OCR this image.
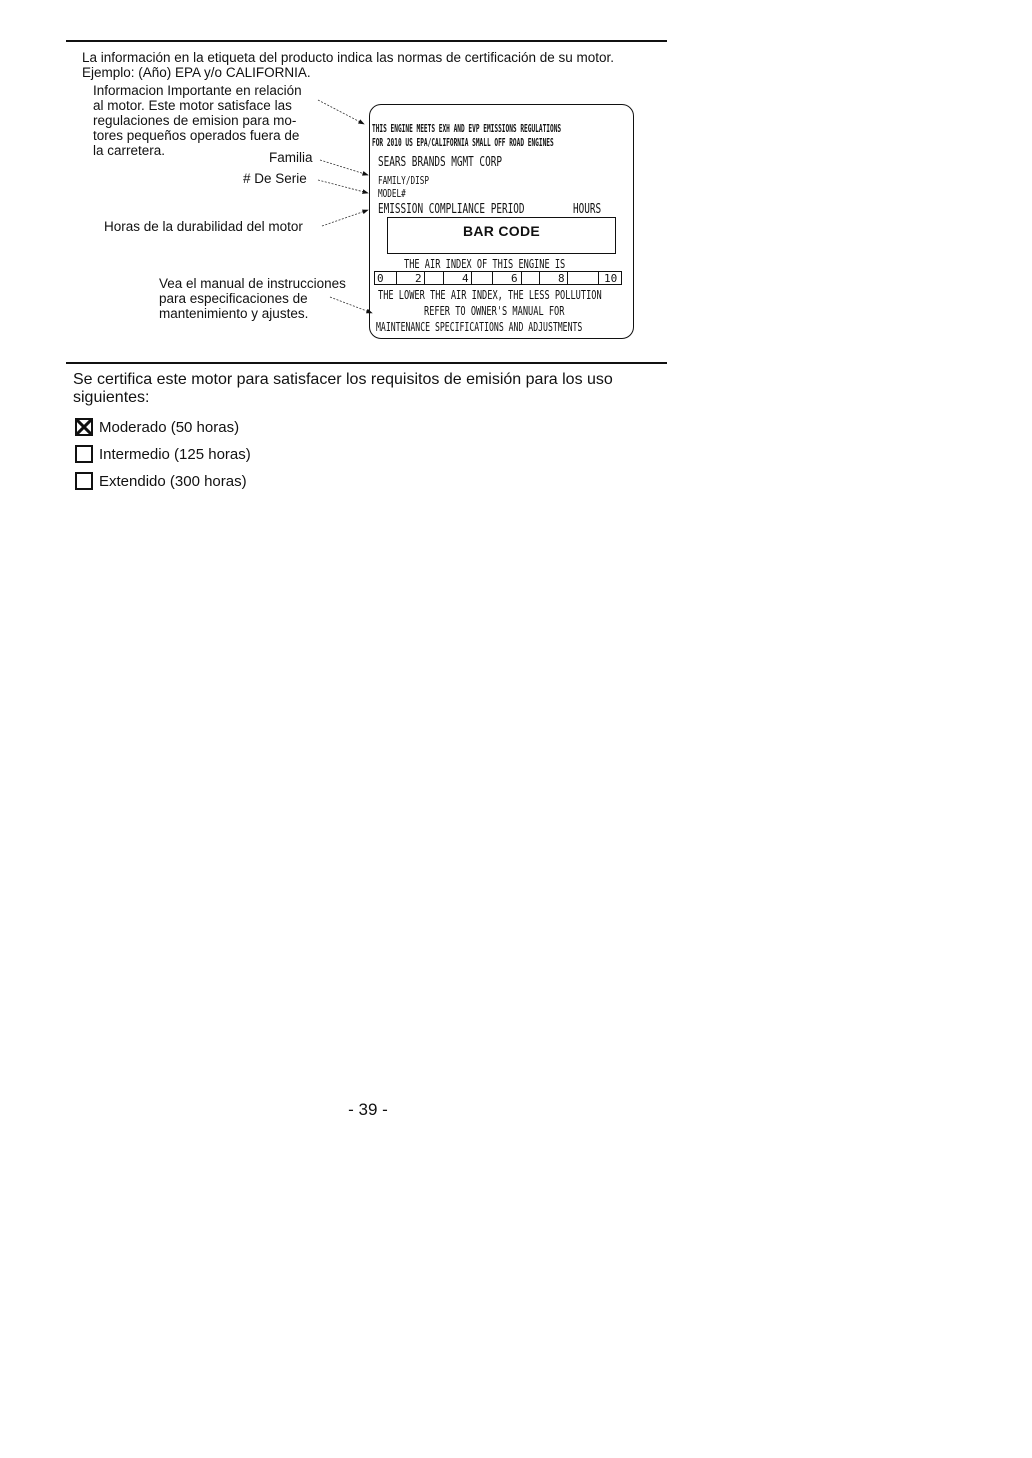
La información en la etiqueta del producto indica las normas de certificación de su motor.
Ejemplo: (Año) EPA y/o CALIFORNIA.
Informacion Importante en relación
al motor. Este motor satisface las
regulaciones de emision para mo-
tores pequeños operados fuera de
la carretera.	Familia
# De Serie
Horas de la durabilidad del motor
Vea el manual de instrucciones
para especificaciones de
mantenimiento y ajustes.
THIS ENGINE MEETS EXH AND EVP EMISSIONS REGULATIONS
FOR 2010 US EPA/CALIFORNIA SMALL OFF ROAD ENGINES
SEARS BRANDS MGMT CORP
FAMILY/DISP
MODEL#
EMISSION COMPLIANCE PERIOD	HOURS
BAR CODE
THE AIR INDEX OF THIS ENGINE IS
0	2	4	6	8	10
THE LOWER THE AIR INDEX, THE LESS POLLUTION
REFER TO OWNER'S MANUAL FOR
MAINTENANCE SPECIFICATIONS AND ADJUSTMENTS
Se certifica este motor para satisfacer los requisitos de emisión para los uso
siguientes:
Moderado (50 horas)
Intermedio (125 horas)
Extendido (300 horas)
- 39 -
